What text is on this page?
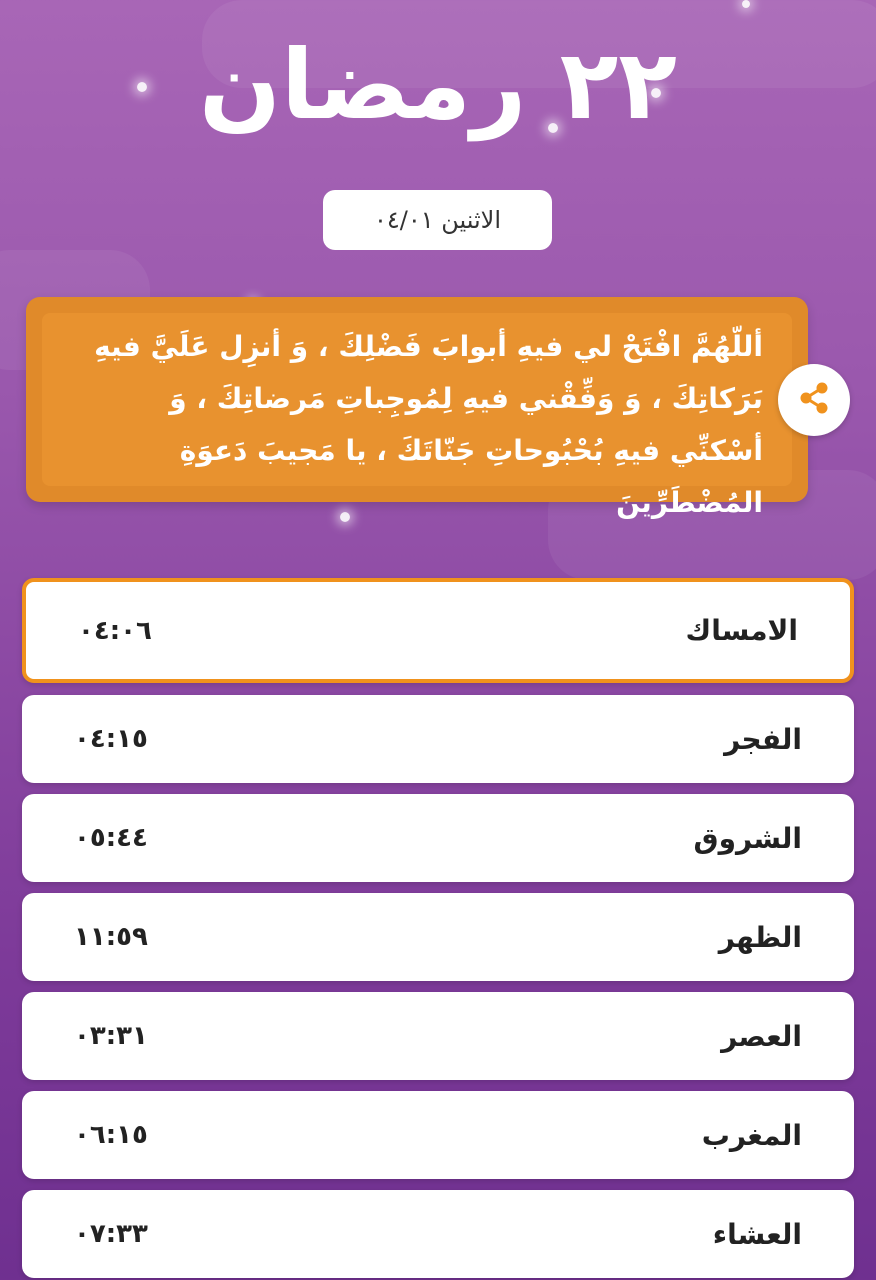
٢٢ رمضان
الاثنين ٠٤/٠١
أللّهُمَّ افْتَحْ لي فيهِ أبوابَ فَضْلِكَ ، وَ أنزِل عَلَيَّ فيهِ بَرَكاتِكَ ، وَ وَفِّقْني فيهِ لِمُوجِباتِ مَرضاتِكَ ، وَ أسْكنِّي فيهِ بُحْبُوحاتِ جَنّاتَكَ ، يا مَجيبَ دَعوَةِ المُضْطَرِّينَ
الامساك
٠٤:٠٦
الفجر
٠٤:١٥
الشروق
٠٥:٤٤
الظهر
١١:٥٩
العصر
٠٣:٣١
المغرب
٠٦:١٥
العشاء
٠٧:٣٣
